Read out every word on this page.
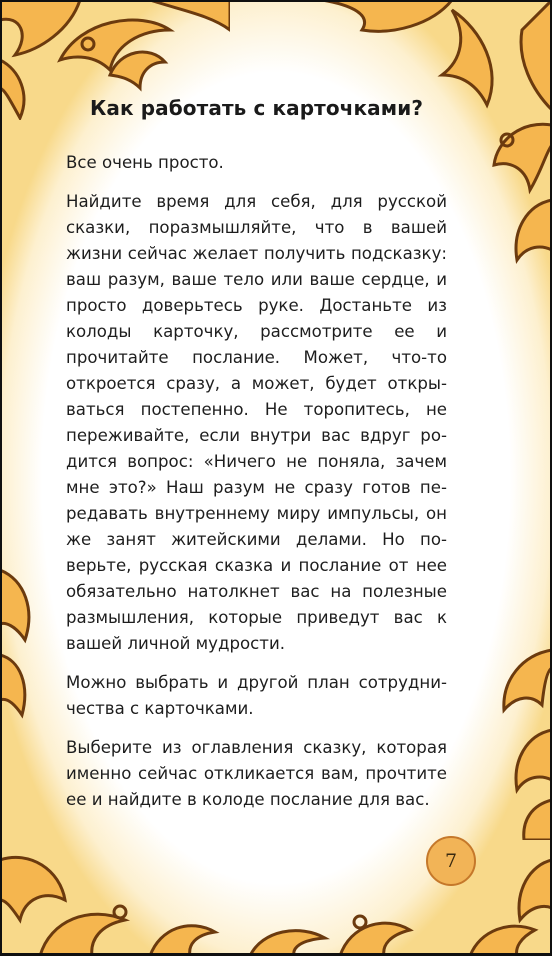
Как работать с карточками?

Все очень просто.

Найдите время для себя, для русской сказки, поразмышляйте, что в вашей жизни сейчас желает получить подсказку: ваш разум, ваше тело или ваше сердце, и просто доверьтесь руке. Достаньте из колоды карточку, рассмотрите ее и прочитайте послание. Может, что-то откроется сразу, а может, будет открываться постепенно. Не торопитесь, не переживайте, если внутри вас вдруг родится вопрос: «Ничего не поняла, зачем мне это?» Наш разум не сразу готов передавать внутреннему миру импульсы, он же занят житейскими делами. Но поверьте, русская сказка и послание от нее обязательно натолкнет вас на полезные размышления, которые приведут вас к вашей личной мудрости.

Можно выбрать и другой план сотрудничества с карточками.

Выберите из оглавления сказку, которая именно сейчас откликается вам, прочтите ее и найдите в колоде послание для вас.

7
